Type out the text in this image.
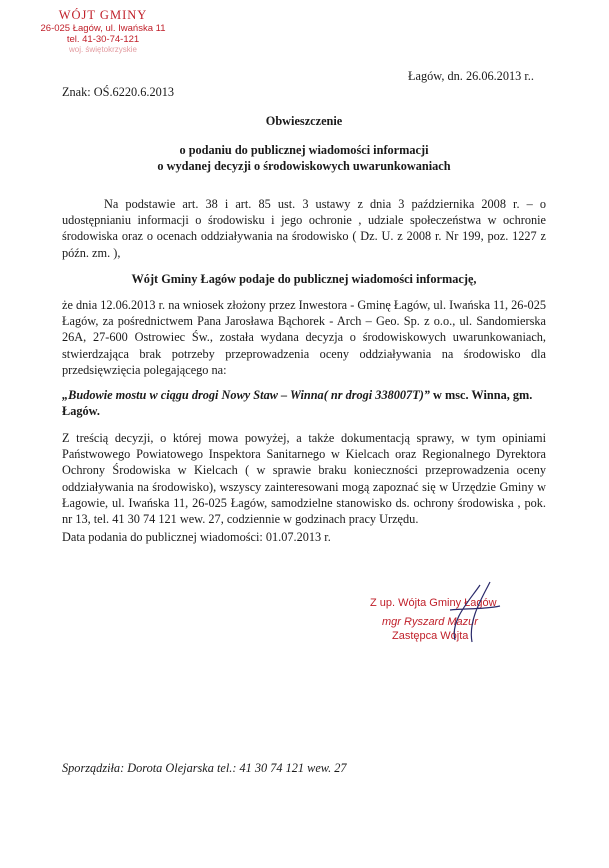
WÓJT GMINY
26-025 Łagów, ul. Iwańska 11
tel. 41-30-74-121
woj. świętokrzyskie
Łagów, dn. 26.06.2013 r..
Znak: OŚ.6220.6.2013
Obwieszczenie
o podaniu do publicznej wiadomości informacji
o wydanej decyzji o środowiskowych uwarunkowaniach
Na podstawie art. 38 i art. 85 ust. 3 ustawy z dnia 3 października 2008 r. – o udostępnianiu informacji o środowisku i jego ochronie , udziale społeczeństwa w ochronie środowiska oraz o ocenach oddziaływania na środowisko ( Dz. U. z 2008 r. Nr 199, poz. 1227 z późn. zm. ),
Wójt Gminy Łagów podaje do publicznej wiadomości informację,
że dnia 12.06.2013 r. na wniosek złożony przez Inwestora - Gminę Łagów, ul. Iwańska 11, 26-025 Łagów, za pośrednictwem Pana Jarosława Bąchorek - Arch – Geo. Sp. z o.o., ul. Sandomierska 26A, 27-600 Ostrowiec Św., została wydana decyzja o środowiskowych uwarunkowaniach, stwierdzająca brak potrzeby przeprowadzenia oceny oddziaływania na środowisko dla przedsięwzięcia polegającego na:
„Budowie mostu w ciągu drogi Nowy Staw – Winna( nr drogi 338007T)” w msc. Winna, gm. Łagów.
Z treścią decyzji, o której mowa powyżej, a także dokumentacją sprawy, w tym opiniami Państwowego Powiatowego Inspektora Sanitarnego w Kielcach oraz Regionalnego Dyrektora Ochrony Środowiska w Kielcach ( w sprawie braku konieczności przeprowadzenia oceny oddziaływania na środowisko), wszyscy zainteresowani mogą zapoznać się w Urzędzie Gminy w Łagowie, ul. Iwańska 11, 26-025 Łagów, samodzielne stanowisko ds. ochrony środowiska , pok. nr 13, tel. 41 30 74 121 wew. 27, codziennie w godzinach pracy Urzędu.
Data podania do publicznej wiadomości: 01.07.2013 r.
Z up. Wójta Gminy Łagów
mgr Ryszard Mazur
Zastępca Wójta
Sporządziła: Dorota Olejarska tel.: 41 30 74 121 wew. 27
